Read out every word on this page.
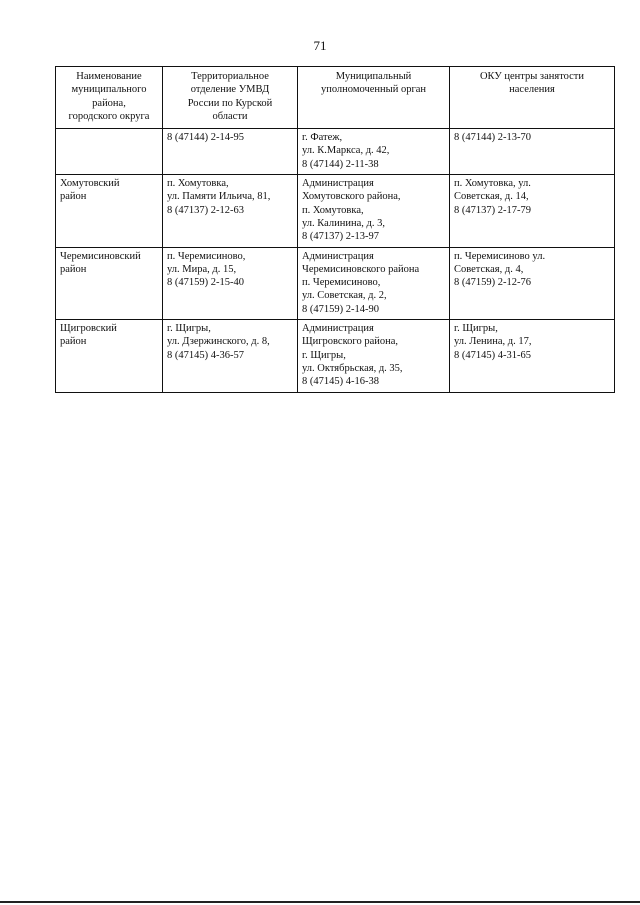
71
Наименование
муниципального
района,
городского округа	Территориальное
отделение УМВД
России по Курской
области	Муниципальный
уполномоченный орган	ОКУ центры занятости
населения

	8 (47144) 2-14-95	г. Фатеж,
ул. К.Маркса, д. 42,
8 (47144) 2-11-38	8 (47144) 2-13-70

Хомутовский
район	п. Хомутовка,
ул. Памяти Ильича, 81,
8 (47137) 2-12-63	Администрация
Хомутовского района,
п. Хомутовка,
ул. Калинина, д. 3,
8 (47137) 2-13-97	п. Хомутовка, ул.
Советская, д. 14,
8 (47137) 2-17-79

Черемисиновский
район	п. Черемисиново,
ул. Мира, д. 15,
8 (47159) 2-15-40	Администрация
Черемисиновского района
п. Черемисиново,
ул. Советская, д. 2,
8 (47159) 2-14-90	п. Черемисиново ул.
Советская, д. 4,
8 (47159) 2-12-76

Щигровский
район	г. Щигры,
ул. Дзержинского, д. 8,
8 (47145) 4-36-57	Администрация
Щигровского района,
г. Щигры,
ул. Октябрьская, д. 35,
8 (47145) 4-16-38	г. Щигры,
ул. Ленина, д. 17,
8 (47145) 4-31-65
